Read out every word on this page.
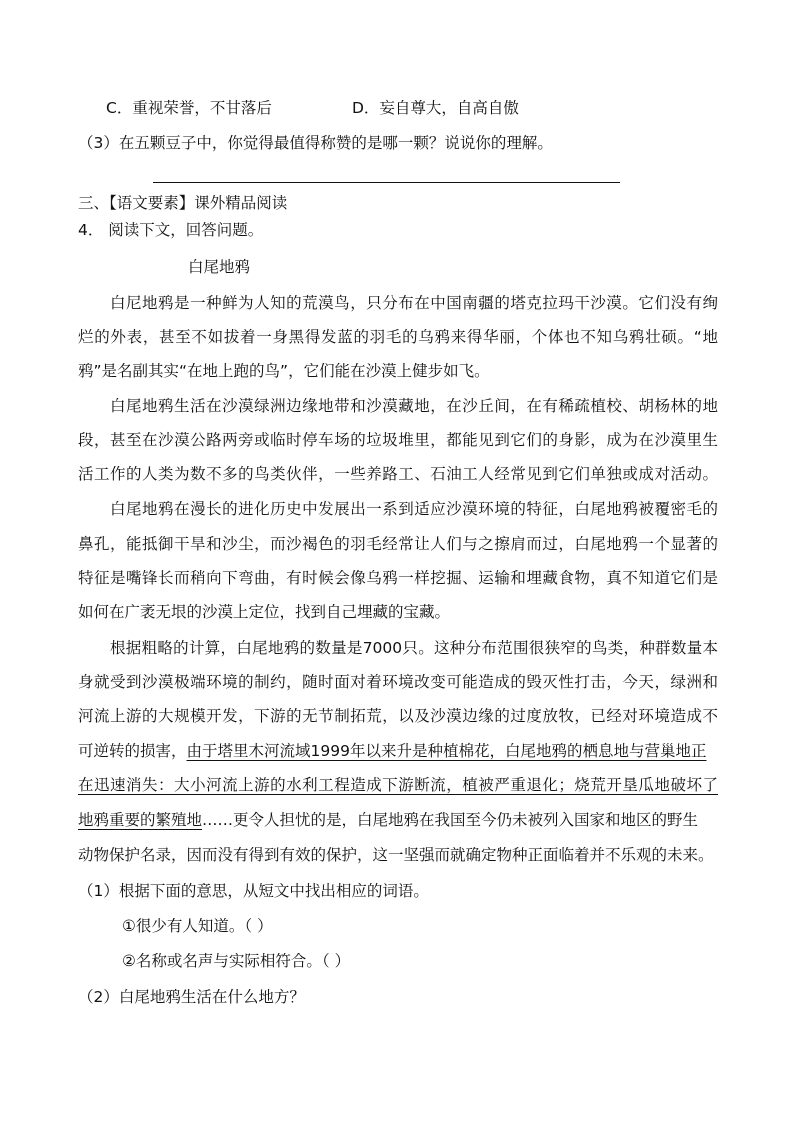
C．重视荣誉，不甘落后	D．妄自尊大，自高自傲
（3）在五颗豆子中，你觉得最值得称赞的是哪一颗？说说你的理解。
三、【语文要素】课外精品阅读
4． 阅读下文，回答问题。
白尾地鸦
白尼地鸦是一种鲜为人知的荒漠鸟，只分布在中国南疆的塔克拉玛干沙漠。它们没有绚
烂的外表，甚至不如拔着一身黑得发蓝的羽毛的乌鸦来得华丽，个体也不知乌鸦壮硕。“地
鸦”是名副其实“在地上跑的鸟”，它们能在沙漠上健步如飞。
白尾地鸦生活在沙漠绿洲边缘地带和沙漠藏地，在沙丘间，在有稀疏植校、胡杨林的地
段，甚至在沙漠公路两旁或临时停车场的垃圾堆里，都能见到它们的身影，成为在沙漠里生
活工作的人类为数不多的鸟类伙伴，一些养路工、石油工人经常见到它们单独或成对活动。
白尾地鸦在漫长的进化历史中发展出一系到适应沙漠环境的特征，白尾地鸦被覆密毛的
鼻孔，能抵御干旱和沙尘，而沙褐色的羽毛经常让人们与之擦肩而过，白尾地鸦一个显著的
特征是嘴锋长而稍向下弯曲，有时候会像乌鸦一样挖掘、运输和埋藏食物，真不知道它们是
如何在广袤无垠的沙漠上定位，找到自己埋藏的宝藏。
根据粗略的计算，白尾地鸦的数量是7000只。这种分布范围很狭窄的鸟类，种群数量本
身就受到沙漠极端环境的制约，随时面对着环境改变可能造成的毁灭性打击，今天，绿洲和
河流上游的大规模开发，下游的无节制拓荒，以及沙漠边缘的过度放牧，已经对环境造成不
可逆转的损害， 由于塔里木河流域1999年以来升是种植棉花，白尾地鸦的栖息地与营巢地正
在迅速消失：大小河流上游的水利工程造成下游断流，植被严重退化；烧荒开垦瓜地破坏了
地鸦重要的繁殖地 ……更令人担忧的是，白尾地鸦在我国至今仍未被列入国家和地区的野生
动物保护名录，因而没有得到有效的保护，这一坚强而就确定物种正面临着并不乐观的未来。
（1）根据下面的意思，从短文中找出相应的词语。
①很少有人知道。（ ）
②名称或名声与实际相符合。（ ）
（2）白尾地鸦生活在什么地方？
